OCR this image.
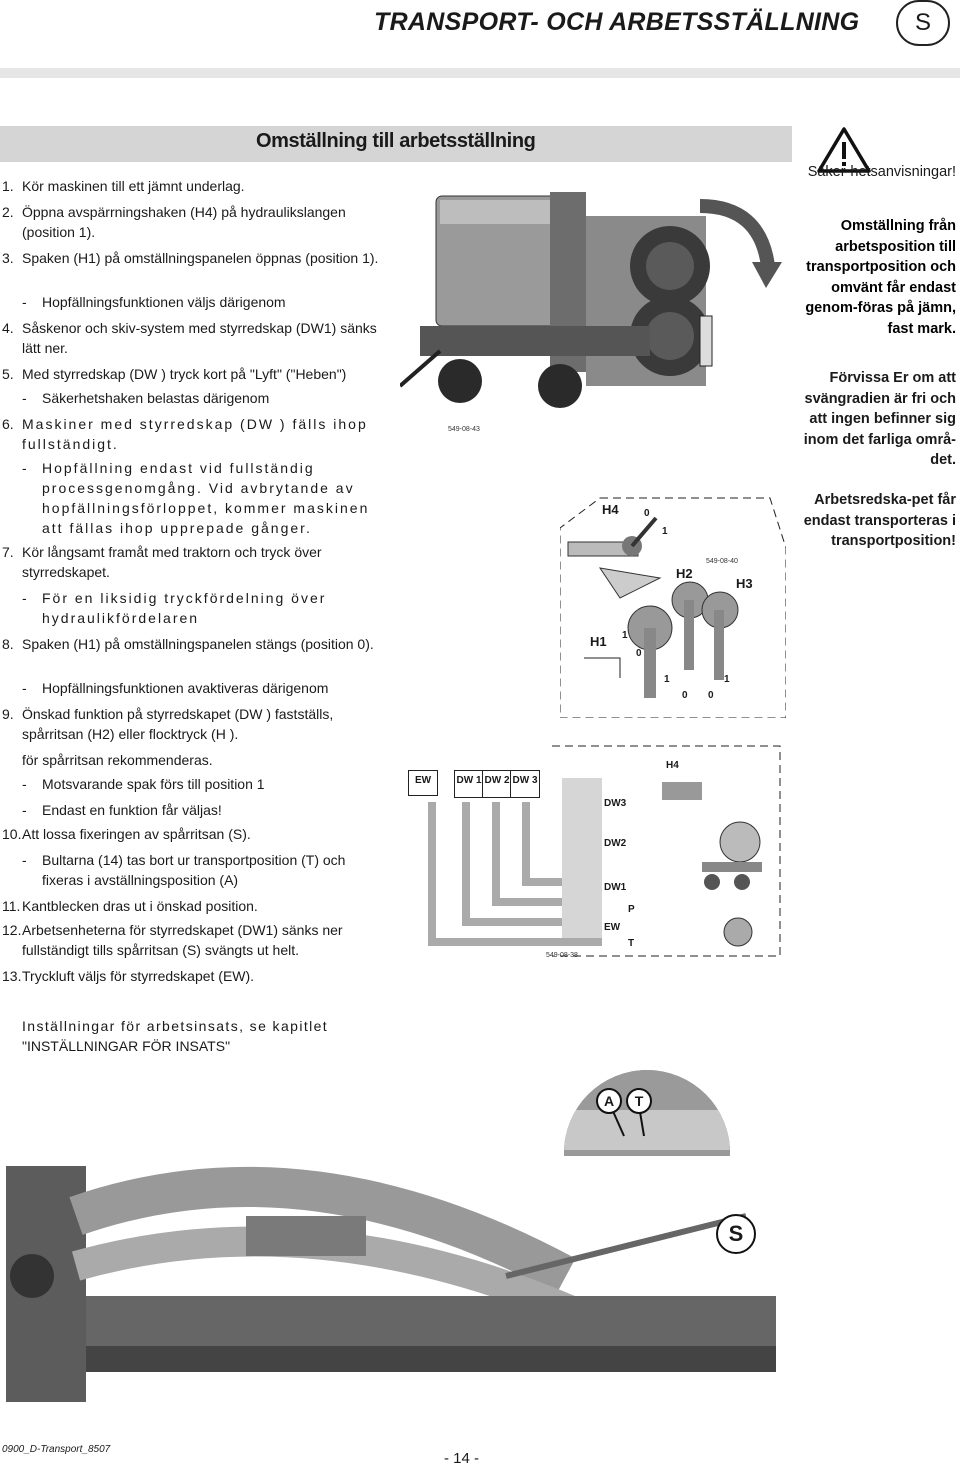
TRANSPORT- OCH ARBETSSTÄLLNING	S
Omställning till arbetsställning
1. Kör maskinen till ett jämnt underlag.
2. Öppna avspärrningshaken (H4) på hydraulikslangen (position 1).
3. Spaken (H1) på omställningspanelen öppnas (position 1).
-	Hopfällningsfunktionen väljs därigenom
4. Såskenor och skiv-system med styrredskap (DW1) sänks lätt ner.
5. Med styrredskap (DW ) tryck kort på "Lyft" ("Heben")
-	Säkerhetshaken belastas därigenom
6. Maskiner med styrredskap (DW ) fälls ihop fullständigt.
-	Hopfällning endast vid fullständig processgenomgång. Vid avbrytande av hopfällningsförloppet, kommer maskinen att fällas ihop upprepade gånger.
7. Kör långsamt framåt med traktorn och tryck över styrredskapet.
-	För en liksidig tryckfördelning över hydraulikfördelaren
8. Spaken (H1) på omställningspanelen stängs (position 0).
-	Hopfällningsfunktionen avaktiveras därigenom
9. Önskad funktion på styrredskapet (DW ) fastställs, spårritsan (H2) eller flocktryck (H ).
för spårritsan rekommenderas.
-	Motsvarande spak förs till position 1
-	Endast en funktion får väljas!
10. Att lossa fixeringen av spårritsan (S).
-	Bultarna (14) tas bort ur transportposition (T) och fixeras i avställningsposition (A)
11. Kantblecken dras ut i önskad position.
12. Arbetsenheterna för styrredskapet (DW1) sänks ner fullständigt tills spårritsan (S) svängts ut helt.
13. Tryckluft väljs för styrredskapet (EW).
Säker-hetsanvisningar!
Omställning från arbetsposition till transportposition och omvänt får endast genom-föras på jämn, fast mark.
Förvissa Er om att svängradien är fri och att ingen befinner sig inom det farliga områ-det.
Arbetsredska-pet får endast transporteras i transportposition!
549-08-43
H4	0
1
549-08-40
H2
H3
H1 1
0
1
0 0
1
EW	DW 1 DW 2 DW 3
H4
DW3
DW2
DW1
P
EW
T
549-08-38
Inställningar för arbetsinsats, se kapitlet
"INSTÄLLNINGAR FÖR INSATS"
A	T
S
549-08-42
0900_D-Transport_8507
- 14 -
